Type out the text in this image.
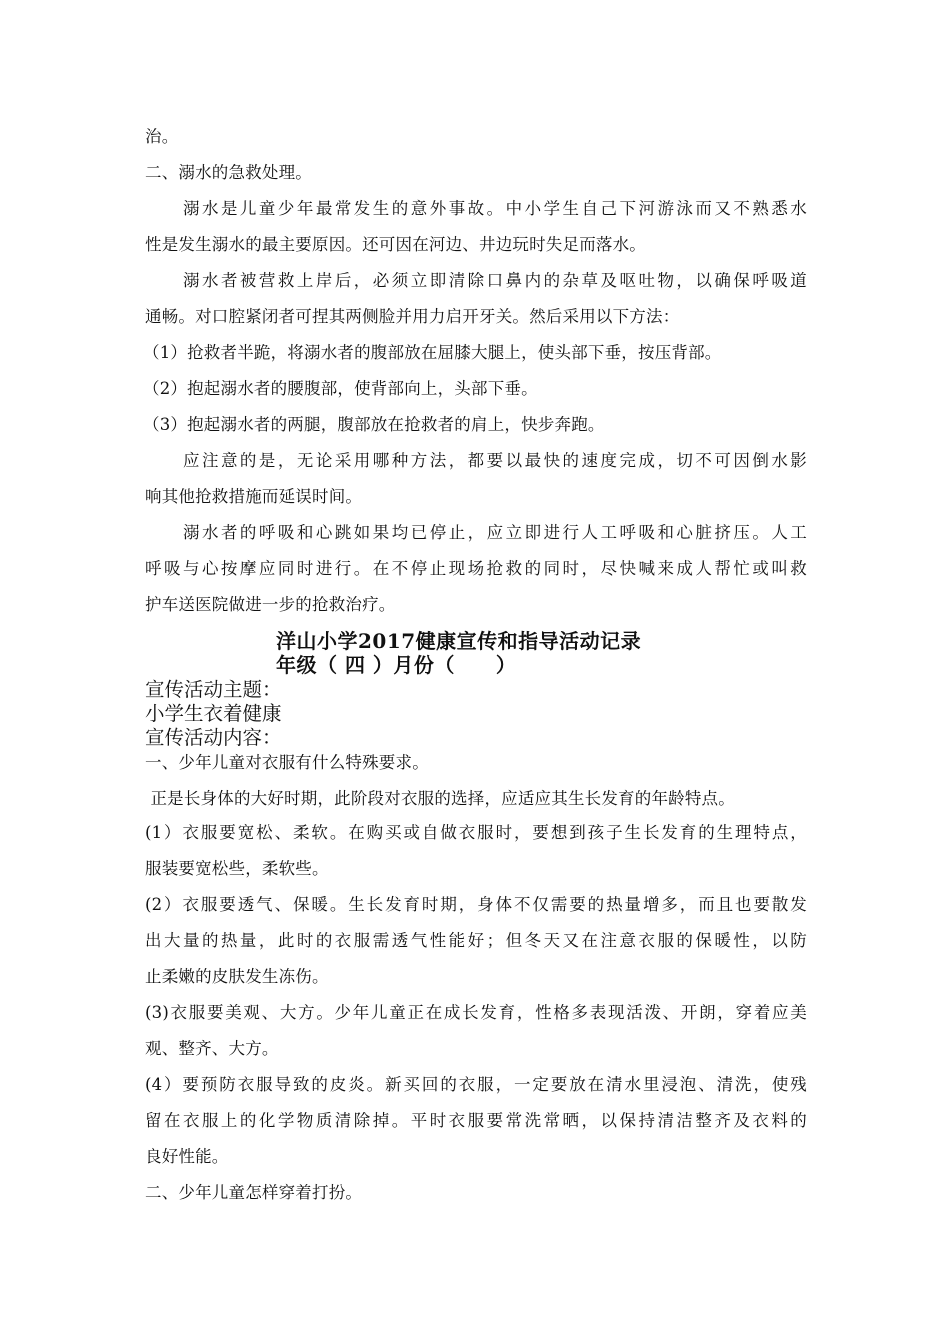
治。
二、溺水的急救处理。
溺水是儿童少年最常发生的意外事故。中小学生自己下河游泳而又不熟悉水
性是发生溺水的最主要原因。还可因在河边、井边玩时失足而落水。
溺水者被营救上岸后，必须立即清除口鼻内的杂草及呕吐物，以确保呼吸道
通畅。对口腔紧闭者可捏其两侧脸并用力启开牙关。然后采用以下方法：
（1）抢救者半跪，将溺水者的腹部放在屈膝大腿上，使头部下垂，按压背部。
（2）抱起溺水者的腰腹部，使背部向上，头部下垂。
（3）抱起溺水者的两腿，腹部放在抢救者的肩上，快步奔跑。
应注意的是，无论采用哪种方法，都要以最快的速度完成，切不可因倒水影
响其他抢救措施而延误时间。
溺水者的呼吸和心跳如果均已停止，应立即进行人工呼吸和心脏挤压。人工
呼吸与心按摩应同时进行。在不停止现场抢救的同时，尽快喊来成人帮忙或叫救
护车送医院做进一步的抢救治疗。
洋山小学2017健康宣传和指导活动记录
年级（ 四 ）月份（　　）
宣传活动主题：
小学生衣着健康
宣传活动内容：
一、少年儿童对衣服有什么特殊要求。
正是长身体的大好时期，此阶段对衣服的选择，应适应其生长发育的年龄特点。
(1）衣服要宽松、柔软。在购买或自做衣服时，要想到孩子生长发育的生理特点，
服装要宽松些，柔软些。
(2）衣服要透气、保暖。生长发育时期，身体不仅需要的热量增多，而且也要散发
出大量的热量，此时的衣服需透气性能好；但冬天又在注意衣服的保暖性，以防
止柔嫩的皮肤发生冻伤。
(3)衣服要美观、大方。少年儿童正在成长发育，性格多表现活泼、开朗，穿着应美
观、整齐、大方。
(4）要预防衣服导致的皮炎。新买回的衣服，一定要放在清水里浸泡、清洗，使残
留在衣服上的化学物质清除掉。平时衣服要常洗常晒，以保持清洁整齐及衣料的
良好性能。
二、少年儿童怎样穿着打扮。
